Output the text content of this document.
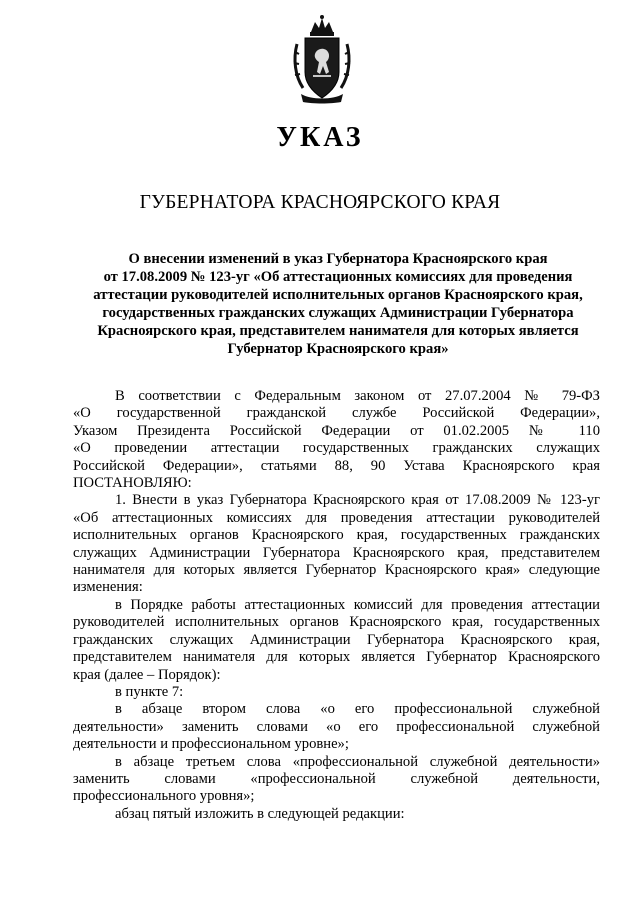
УКАЗ
ГУБЕРНАТОРА КРАСНОЯРСКОГО КРАЯ
О внесении изменений в указ Губернатора Красноярского края
от 17.08.2009 № 123-уг «Об аттестационных комиссиях для проведения
аттестации руководителей исполнительных органов Красноярского края,
государственных гражданских служащих Администрации Губернатора
Красноярского края, представителем нанимателя для которых является
Губернатор Красноярского края»
В соответствии с Федеральным законом от 27.07.2004 № 79-ФЗ
«О государственной гражданской службе Российской Федерации»,
Указом Президента Российской Федерации от 01.02.2005 № 110
«О проведении аттестации государственных гражданских служащих
Российской Федерации», статьями 88, 90 Устава Красноярского края
ПОСТАНОВЛЯЮ:
1. Внести в указ Губернатора Красноярского края от 17.08.2009 № 123-уг
«Об аттестационных комиссиях для проведения аттестации руководителей
исполнительных органов Красноярского края, государственных гражданских
служащих Администрации Губернатора Красноярского края, представителем
нанимателя для которых является Губернатор Красноярского края» следующие
изменения:
в Порядке работы аттестационных комиссий для проведения аттестации
руководителей исполнительных органов Красноярского края, государственных
гражданских служащих Администрации Губернатора Красноярского края,
представителем нанимателя для которых является Губернатор Красноярского
края (далее – Порядок):
в пункте 7:
в абзаце втором слова «о его профессиональной служебной
деятельности» заменить словами «о его профессиональной служебной
деятельности и профессиональном уровне»;
в абзаце третьем слова «профессиональной служебной деятельности»
заменить словами «профессиональной служебной деятельности,
профессионального уровня»;
абзац пятый изложить в следующей редакции:
